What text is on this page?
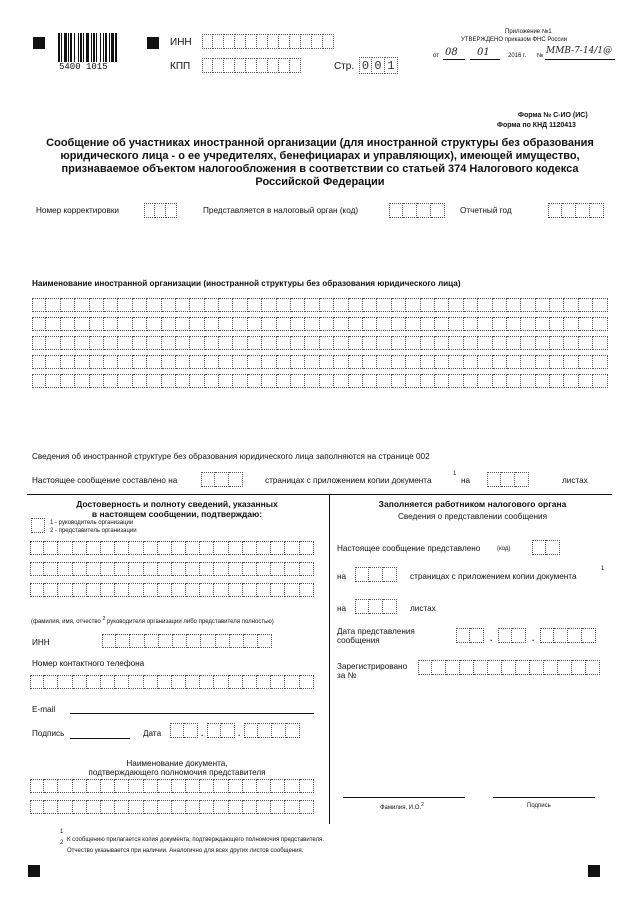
5400 1015
ИНН
КПП	Стр. 0 0 1
Приложение №1
УТВЕРЖДЕНО приказом ФНС России
от 08 01	2016 г. № ММВ-7-14/1@
Форма № С-ИО (ИС)
Форма по КНД 1120413
Сообщение об участниках иностранной организации (для иностранной структуры без образования
юридического лица - о ее учредителях, бенефициарах и управляющих), имеющей имущество,
признаваемое объектом налогообложения в соответствии со статьей 374 Налогового кодекса
Российской Федерации
Номер корректировки	Представляется в налоговый орган (код)	Отчетный год
Наименование иностранной организации (иностранной структуры без образования юридического лица)
Сведения об иностранной структуре без образования юридического лица заполняются на странице 002
Настоящее сообщение составлено на	страницах с приложением копии документа
1
на	листах
Достоверность и полноту сведений, указанных
в настоящем сообщении, подтверждаю:
1 - руководитель организации
2 - представитель организации
(фамилия, имя, отчество $^2$ руководителя организации либо представителя полностью)
ИНН
Номер контактного телефона
E-mail
Подпись	Дата	.	.
Наименование документа,
подтверждающего полномочия представителя
Заполняется работником налогового органа
Сведения о представлении сообщения
Настоящее сообщение представлено	(код)
на	страницах с приложением копии документа
1
на	листах
Дата представления
сообщения	.	.
Зарегистрировано
за №
Фамилия, И.О.$^2$	Подпись
1
К сообщению прилагается копия документа, подтверждающего полномочия представителя.
2
Отчество указывается при наличии. Аналогично для всех других листов сообщения.
